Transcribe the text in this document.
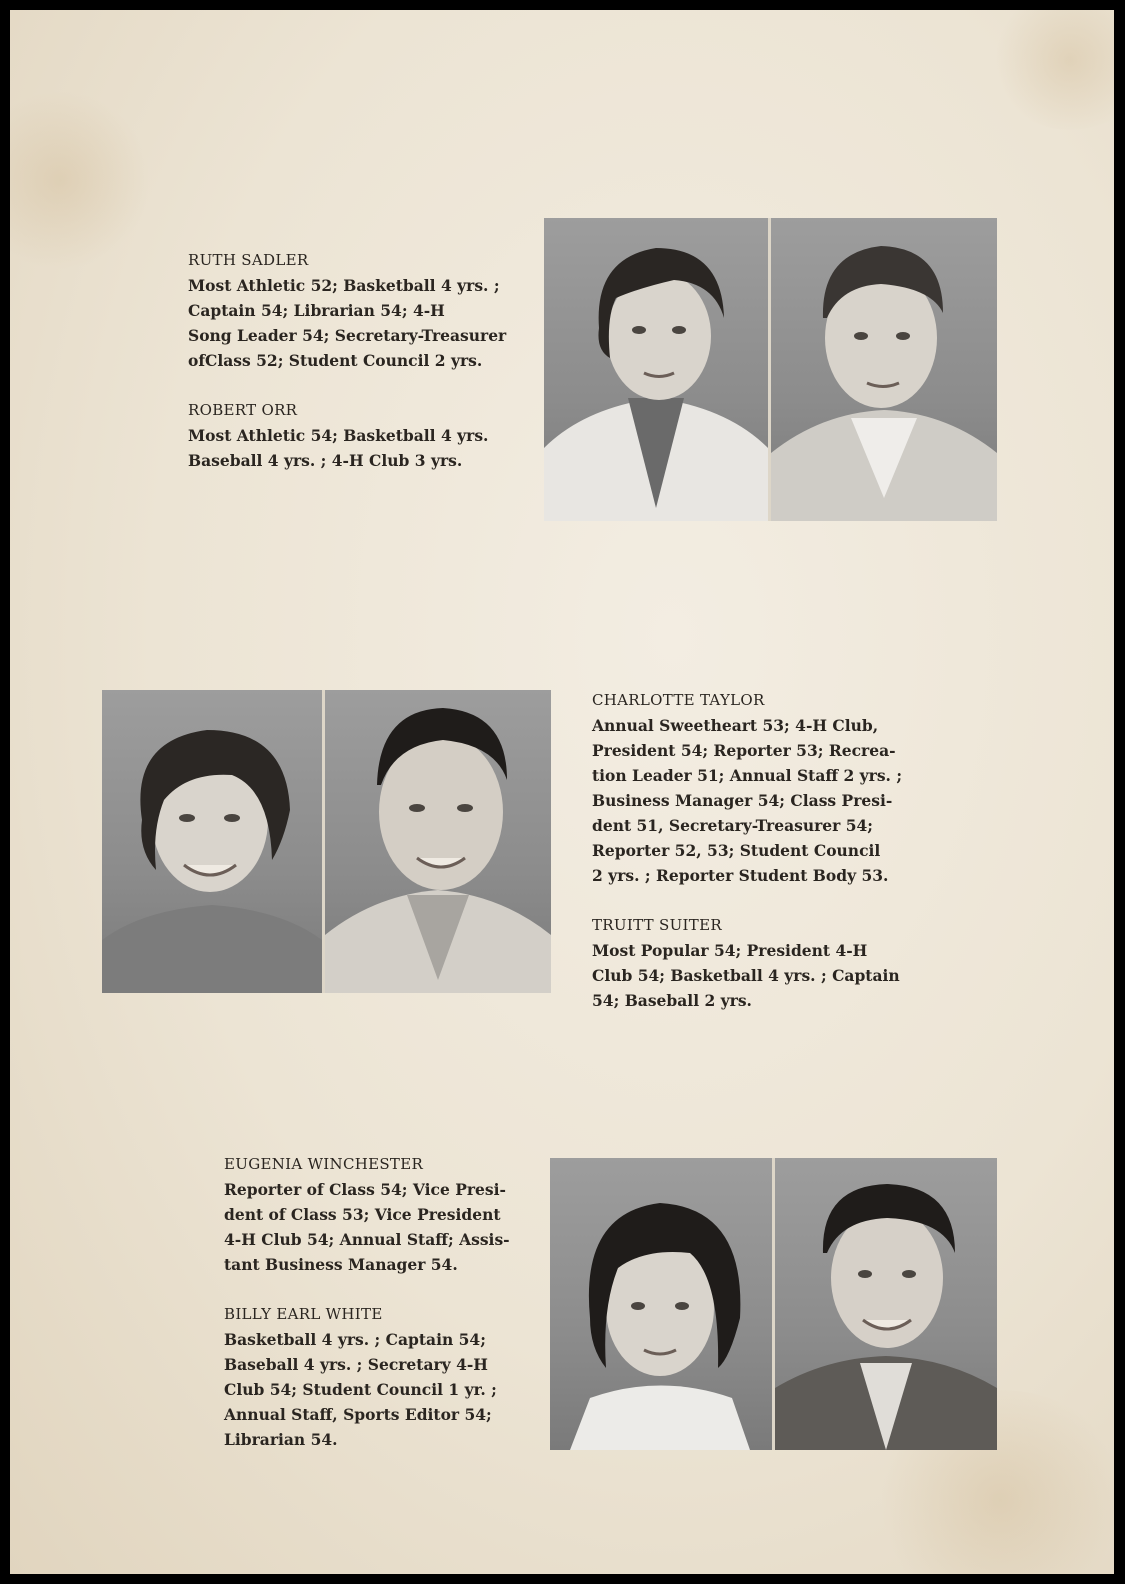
RUTH SADLER
Most Athletic 52; Basketball 4 yrs. ;
Captain 54; Librarian 54; 4-H
Song Leader 54; Secretary-Treasurer
ofClass 52; Student Council 2 yrs.
ROBERT ORR
Most Athletic 54; Basketball 4 yrs.
Baseball 4 yrs. ; 4-H Club 3 yrs.
CHARLOTTE TAYLOR
Annual Sweetheart 53; 4-H Club,
President 54; Reporter 53; Recrea-
tion Leader 51; Annual Staff 2 yrs. ;
Business Manager 54; Class Presi-
dent 51, Secretary-Treasurer 54;
Reporter 52, 53; Student Council
2 yrs. ; Reporter Student Body 53.
TRUITT SUITER
Most Popular 54; President 4-H
Club 54; Basketball 4 yrs. ; Captain
54; Baseball 2 yrs.
EUGENIA WINCHESTER
Reporter of Class 54; Vice Presi-
dent of Class 53; Vice President
4-H Club 54; Annual Staff; Assis-
tant Business Manager 54.
BILLY EARL WHITE
Basketball 4 yrs. ; Captain 54;
Baseball 4 yrs. ; Secretary 4-H
Club 54; Student Council 1 yr. ;
Annual Staff, Sports Editor 54;
Librarian 54.
